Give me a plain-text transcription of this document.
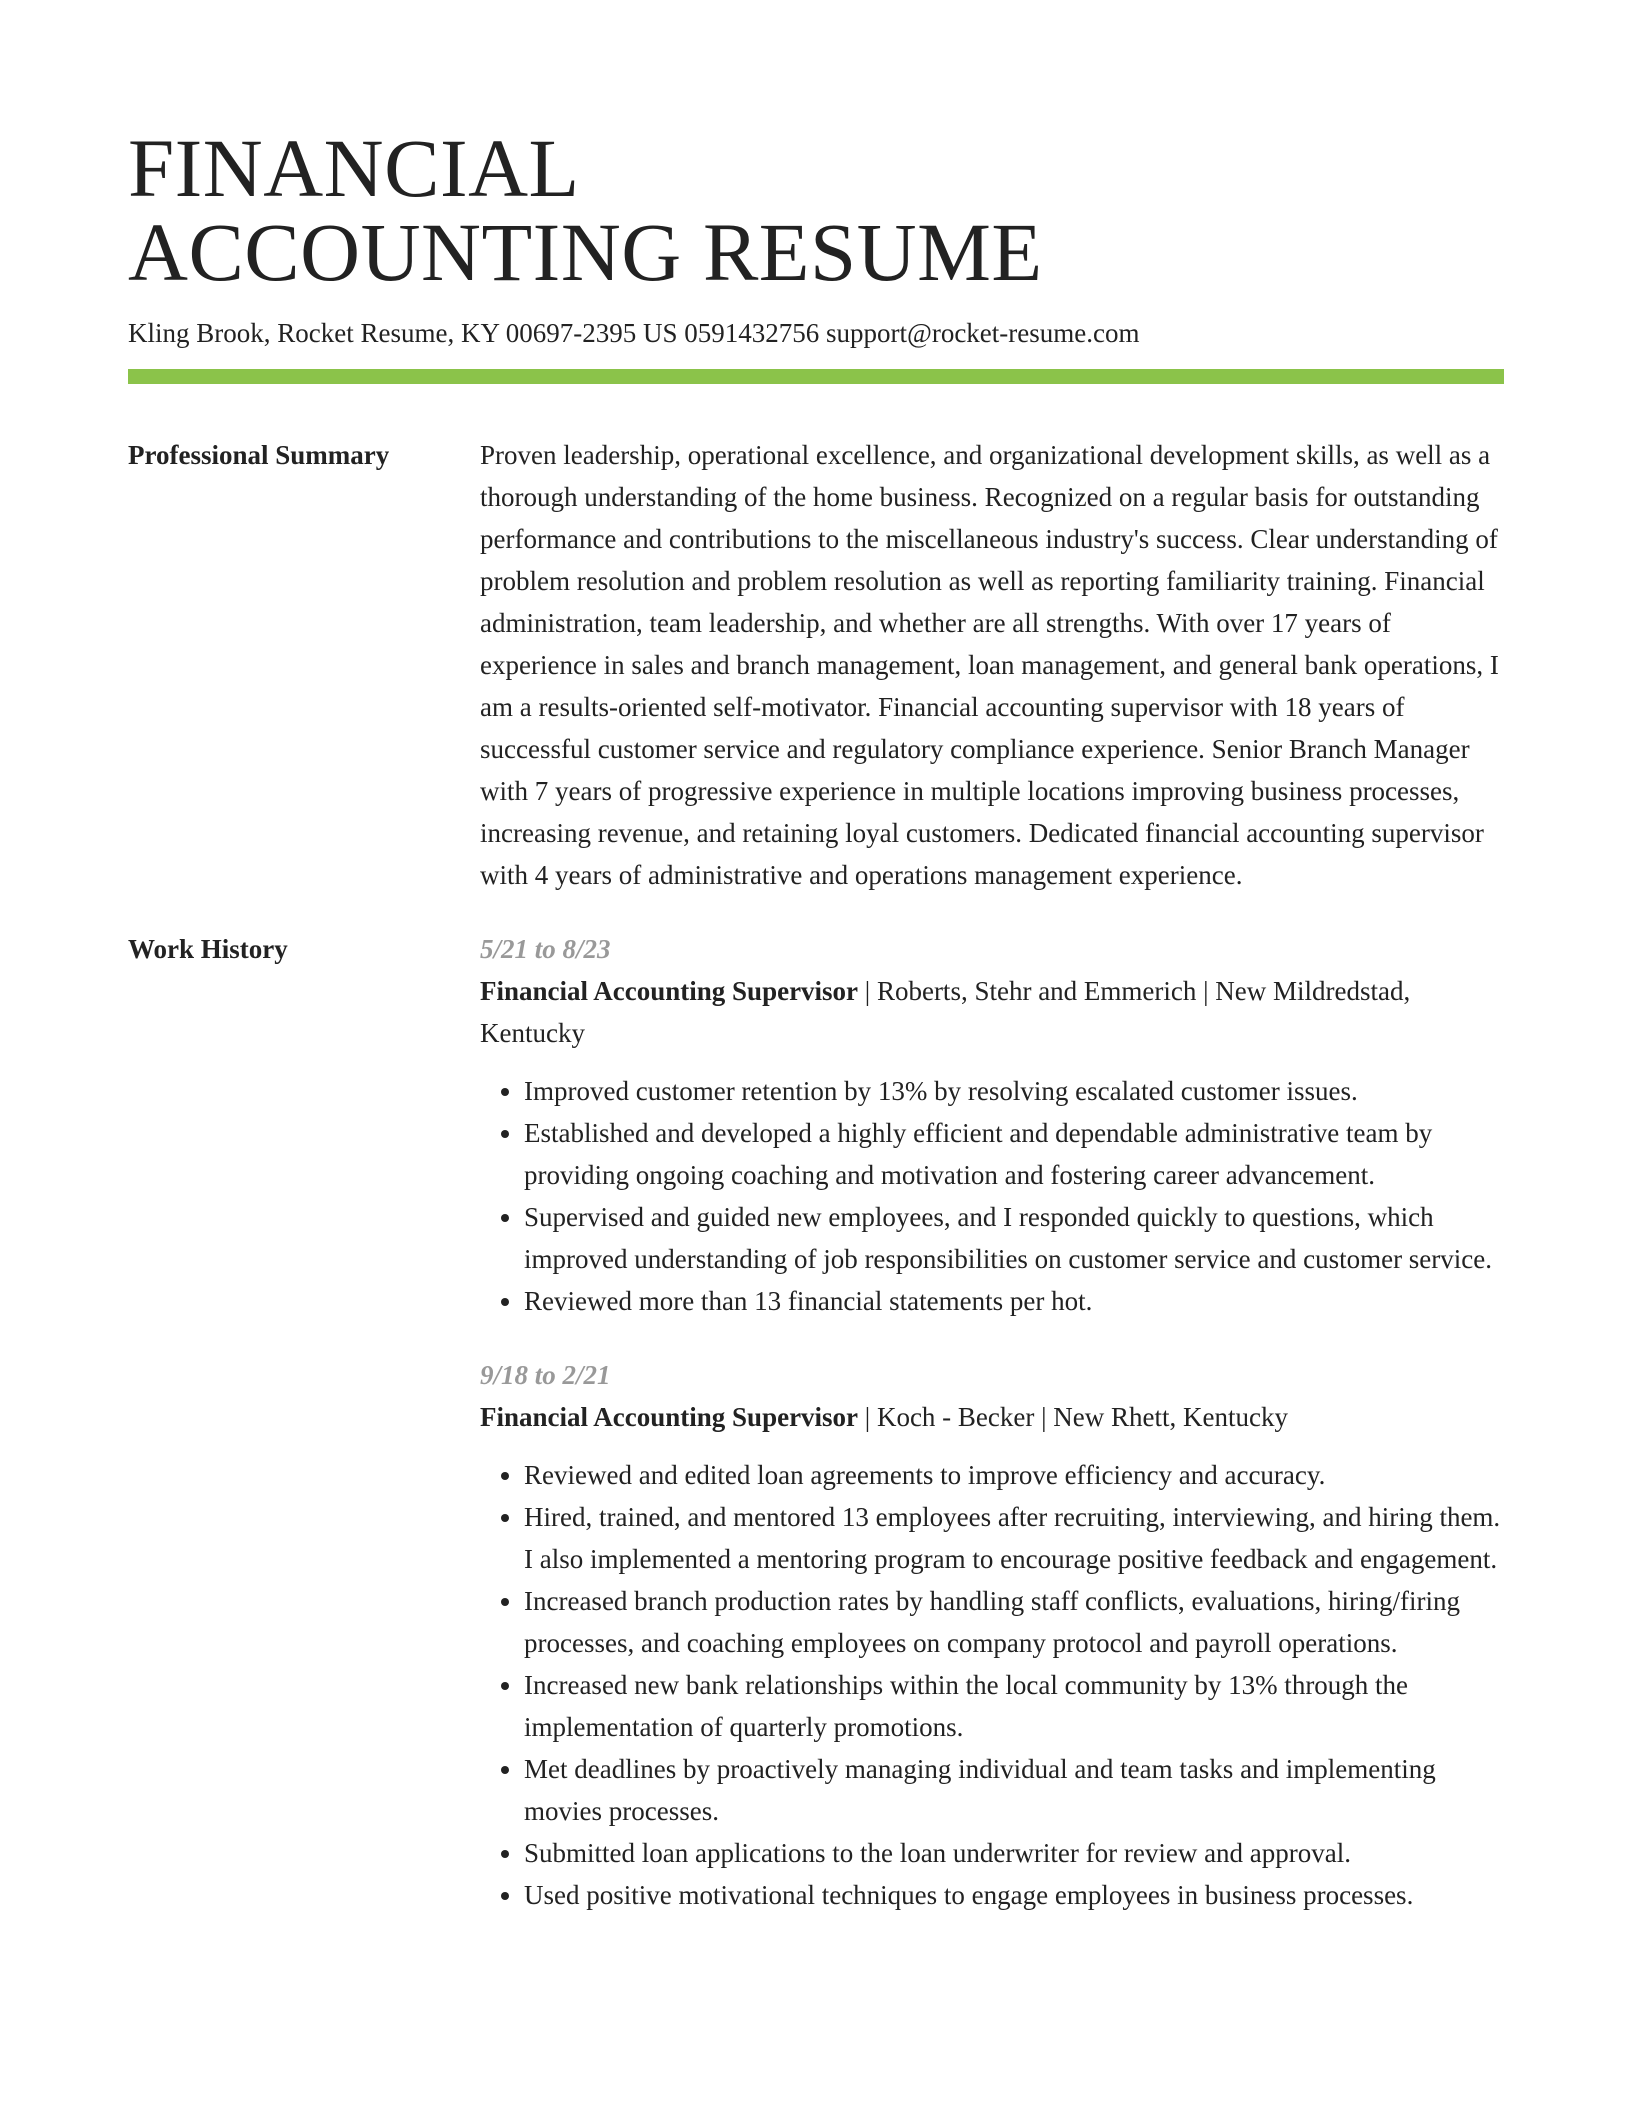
FINANCIAL
ACCOUNTING RESUME
Kling Brook, Rocket Resume, KY 00697-2395 US 0591432756 support@rocket-resume.com
Professional Summary	Proven leadership, operational excellence, and organizational development skills, as well as a thorough understanding of the home business. Recognized on a regular basis for outstanding performance and contributions to the miscellaneous industry's success. Clear understanding of problem resolution and problem resolution as well as reporting familiarity training. Financial administration, team leadership, and whether are all strengths. With over 17 years of experience in sales and branch management, loan management, and general bank operations, I am a results-oriented self-motivator. Financial accounting supervisor with 18 years of successful customer service and regulatory compliance experience. Senior Branch Manager with 7 years of progressive experience in multiple locations improving business processes, increasing revenue, and retaining loyal customers. Dedicated financial accounting supervisor with 4 years of administrative and operations management experience.

Work History	5/21 to 8/23
Financial Accounting Supervisor | Roberts, Stehr and Emmerich | New Mildredstad, Kentucky
• Improved customer retention by 13% by resolving escalated customer issues.
• Established and developed a highly efficient and dependable administrative team by providing ongoing coaching and motivation and fostering career advancement.
• Supervised and guided new employees, and I responded quickly to questions, which improved understanding of job responsibilities on customer service and customer service.
• Reviewed more than 13 financial statements per hot.
9/18 to 2/21
Financial Accounting Supervisor | Koch - Becker | New Rhett, Kentucky
• Reviewed and edited loan agreements to improve efficiency and accuracy.
• Hired, trained, and mentored 13 employees after recruiting, interviewing, and hiring them. I also implemented a mentoring program to encourage positive feedback and engagement.
• Increased branch production rates by handling staff conflicts, evaluations, hiring/firing processes, and coaching employees on company protocol and payroll operations.
• Increased new bank relationships within the local community by 13% through the implementation of quarterly promotions.
• Met deadlines by proactively managing individual and team tasks and implementing movies processes.
• Submitted loan applications to the loan underwriter for review and approval.
• Used positive motivational techniques to engage employees in business processes.
